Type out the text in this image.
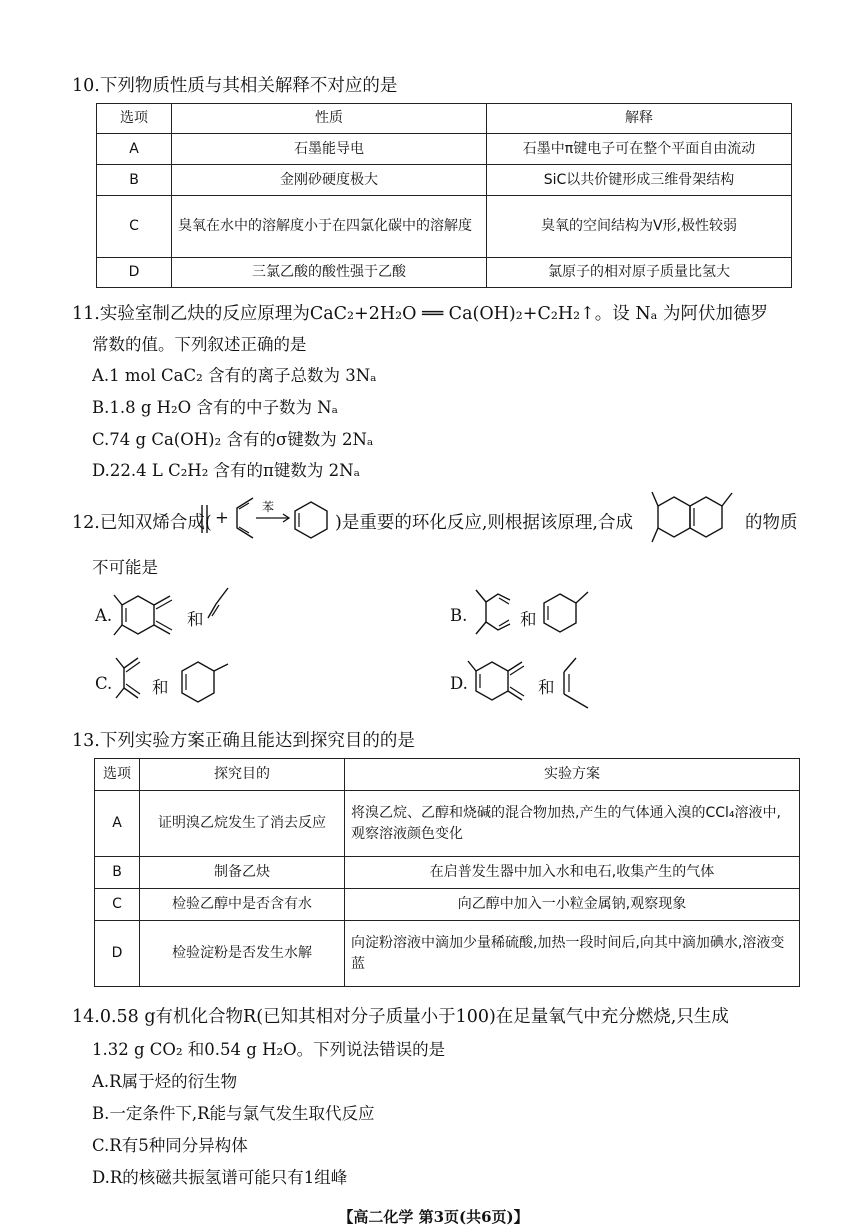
10.下列物质性质与其相关解释不对应的是
选项	性质	解释
A	石墨能导电	石墨中π键电子可在整个平面自由流动
B	金刚砂硬度极大	SiC以共价键形成三维骨架结构
C	臭氧在水中的溶解度小于在四氯化碳中的溶解度	臭氧的空间结构为V形,极性较弱
D	三氯乙酸的酸性强于乙酸	氯原子的相对原子质量比氢大
11.实验室制乙炔的反应原理为CaC₂+2H₂O ══ Ca(OH)₂+C₂H₂↑。设 Nₐ 为阿伏加德罗
常数的值。下列叙述正确的是
A.1 mol CaC₂ 含有的离子总数为 3Nₐ
B.1.8 g H₂O 含有的中子数为 Nₐ
C.74 g Ca(OH)₂ 含有的σ键数为 2Nₐ
D.22.4 L C₂H₂ 含有的π键数为 2Nₐ
12.已知双烯合成( +
苯
)是重要的环化反应,则根据该原理,合成	的物质
不可能是
A.	和	B.	和
C. 和	D.	和
13.下列实验方案正确且能达到探究目的的是
选项	探究目的	实验方案
A	证明溴乙烷发生了消去反应	将溴乙烷、乙醇和烧碱的混合物加热,产生的气体通入溴的CCl₄溶液中,观察溶液颜色变化
B	制备乙炔	在启普发生器中加入水和电石,收集产生的气体
C	检验乙醇中是否含有水	向乙醇中加入一小粒金属钠,观察现象
D	检验淀粉是否发生水解	向淀粉溶液中滴加少量稀硫酸,加热一段时间后,向其中滴加碘水,溶液变蓝
14.0.58 g有机化合物R(已知其相对分子质量小于100)在足量氧气中充分燃烧,只生成
1.32 g CO₂ 和0.54 g H₂O。下列说法错误的是
A.R属于烃的衍生物
B.一定条件下,R能与氯气发生取代反应
C.R有5种同分异构体
D.R的核磁共振氢谱可能只有1组峰
【高二化学 第3页(共6页)】
